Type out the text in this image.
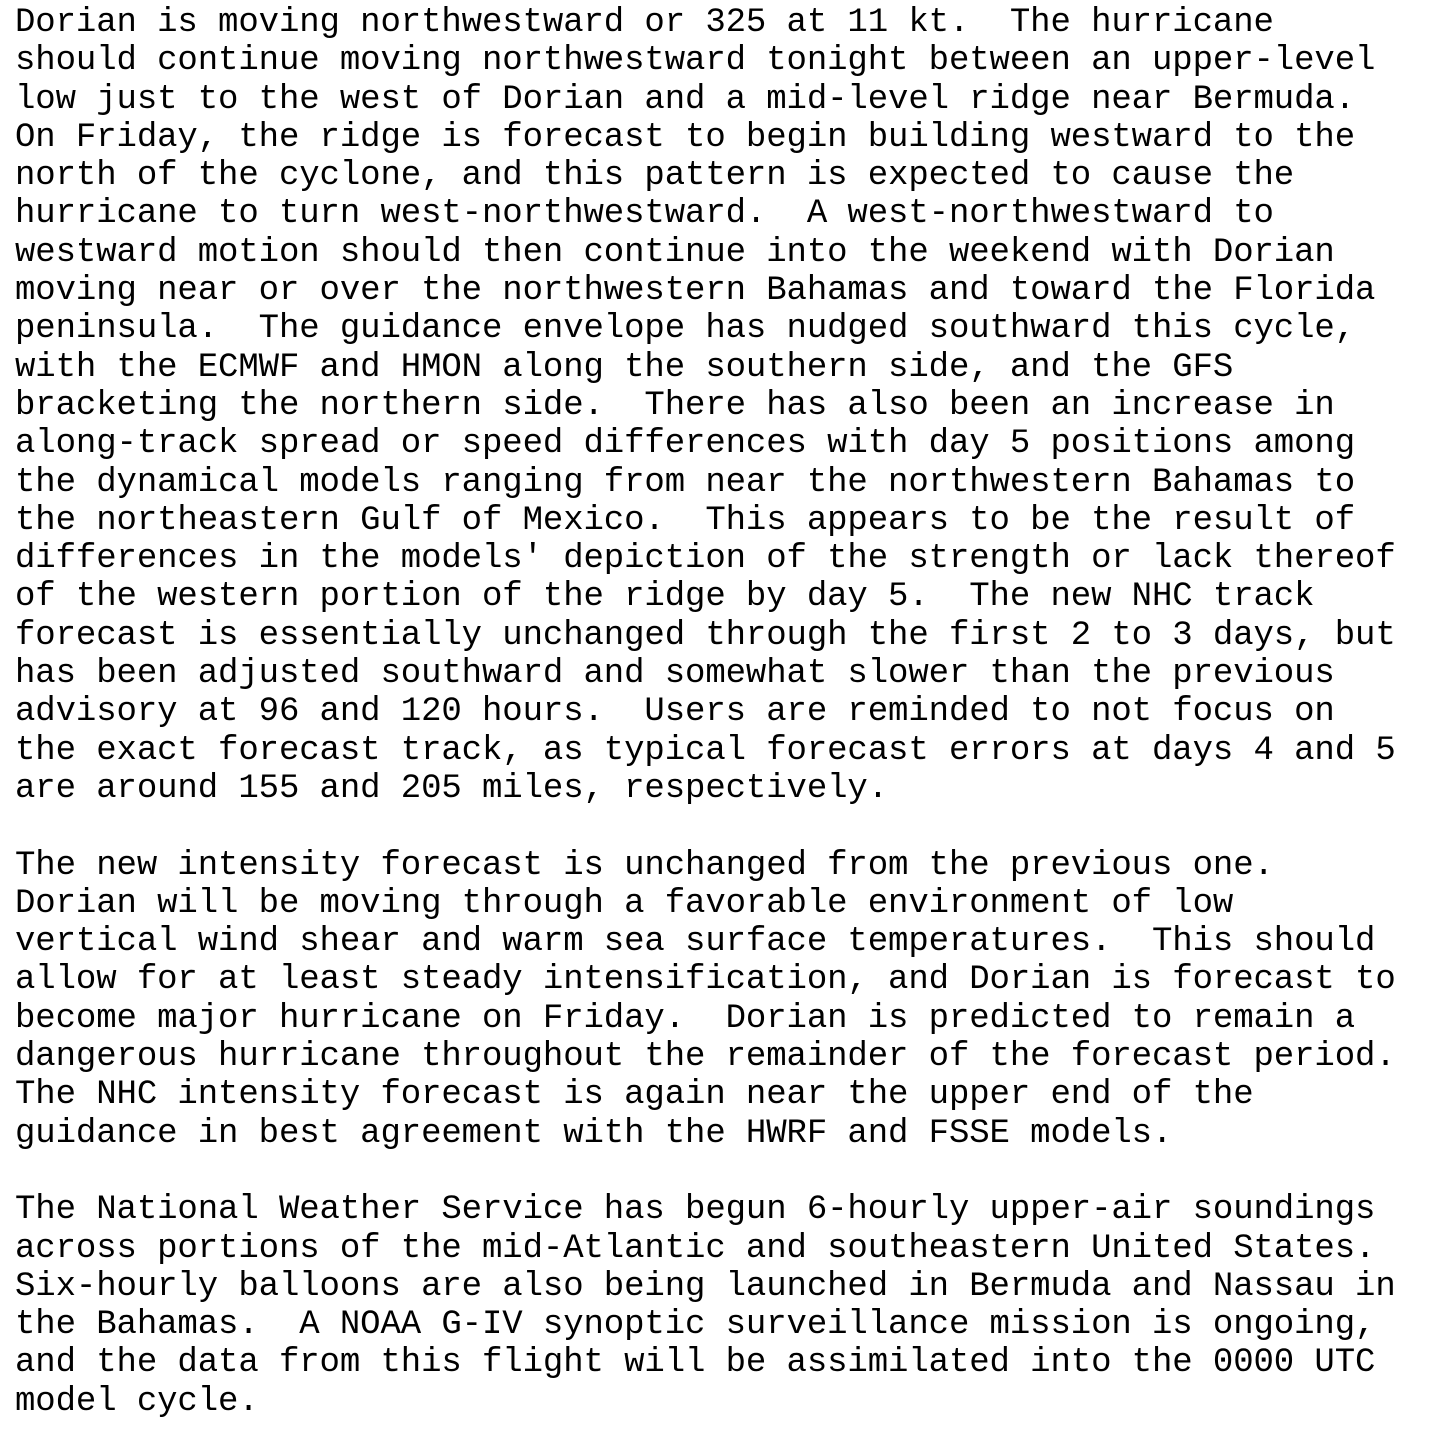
Dorian is moving northwestward or 325 at 11 kt.  The hurricane
should continue moving northwestward tonight between an upper-level
low just to the west of Dorian and a mid-level ridge near Bermuda.
On Friday, the ridge is forecast to begin building westward to the
north of the cyclone, and this pattern is expected to cause the
hurricane to turn west-northwestward.  A west-northwestward to
westward motion should then continue into the weekend with Dorian
moving near or over the northwestern Bahamas and toward the Florida
peninsula.  The guidance envelope has nudged southward this cycle,
with the ECMWF and HMON along the southern side, and the GFS
bracketing the northern side.  There has also been an increase in
along-track spread or speed differences with day 5 positions among
the dynamical models ranging from near the northwestern Bahamas to
the northeastern Gulf of Mexico.  This appears to be the result of
differences in the models' depiction of the strength or lack thereof
of the western portion of the ridge by day 5.  The new NHC track
forecast is essentially unchanged through the first 2 to 3 days, but
has been adjusted southward and somewhat slower than the previous
advisory at 96 and 120 hours.  Users are reminded to not focus on
the exact forecast track, as typical forecast errors at days 4 and 5
are around 155 and 205 miles, respectively.
The new intensity forecast is unchanged from the previous one.
Dorian will be moving through a favorable environment of low
vertical wind shear and warm sea surface temperatures.  This should
allow for at least steady intensification, and Dorian is forecast to
become major hurricane on Friday.  Dorian is predicted to remain a
dangerous hurricane throughout the remainder of the forecast period.
The NHC intensity forecast is again near the upper end of the
guidance in best agreement with the HWRF and FSSE models.
The National Weather Service has begun 6-hourly upper-air soundings
across portions of the mid-Atlantic and southeastern United States.
Six-hourly balloons are also being launched in Bermuda and Nassau in
the Bahamas.  A NOAA G-IV synoptic surveillance mission is ongoing,
and the data from this flight will be assimilated into the 0000 UTC
model cycle.
